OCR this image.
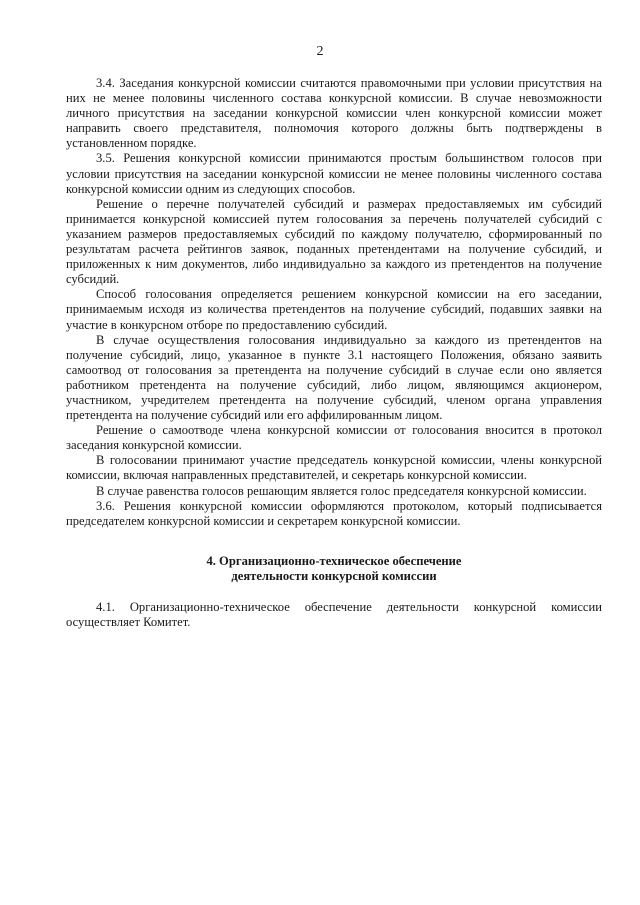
2

3.4. Заседания конкурсной комиссии считаются правомочными при условии присутствия на них не менее половины численного состава конкурсной комиссии. В случае невозможности личного присутствия на заседании конкурсной комиссии член конкурсной комиссии может направить своего представителя, полномочия которого должны быть подтверждены в установленном порядке.

3.5. Решения конкурсной комиссии принимаются простым большинством голосов при условии присутствия на заседании конкурсной комиссии не менее половины численного состава конкурсной комиссии одним из следующих способов.

Решение о перечне получателей субсидий и размерах предоставляемых им субсидий принимается конкурсной комиссией путем голосования за перечень получателей субсидий с указанием размеров предоставляемых субсидий по каждому получателю, сформированный по результатам расчета рейтингов заявок, поданных претендентами на получение субсидий, и приложенных к ним документов, либо индивидуально за каждого из претендентов на получение субсидий.

Способ голосования определяется решением конкурсной комиссии на его заседании, принимаемым исходя из количества претендентов на получение субсидий, подавших заявки на участие в конкурсном отборе по предоставлению субсидий.

В случае осуществления голосования индивидуально за каждого из претендентов на получение субсидий, лицо, указанное в пункте 3.1 настоящего Положения, обязано заявить самоотвод от голосования за претендента на получение субсидий в случае если оно является работником претендента на получение субсидий, либо лицом, являющимся акционером, участником, учредителем претендента на получение субсидий, членом органа управления претендента на получение субсидий или его аффилированным лицом.

Решение о самоотводе члена конкурсной комиссии от голосования вносится в протокол заседания конкурсной комиссии.

В голосовании принимают участие председатель конкурсной комиссии, члены конкурсной комиссии, включая направленных представителей, и секретарь конкурсной комиссии.

В случае равенства голосов решающим является голос председателя конкурсной комиссии.

3.6. Решения конкурсной комиссии оформляются протоколом, который подписывается председателем конкурсной комиссии и секретарем конкурсной комиссии.

4. Организационно-техническое обеспечение
деятельности конкурсной комиссии

4.1. Организационно-техническое обеспечение деятельности конкурсной комиссии осуществляет Комитет.
